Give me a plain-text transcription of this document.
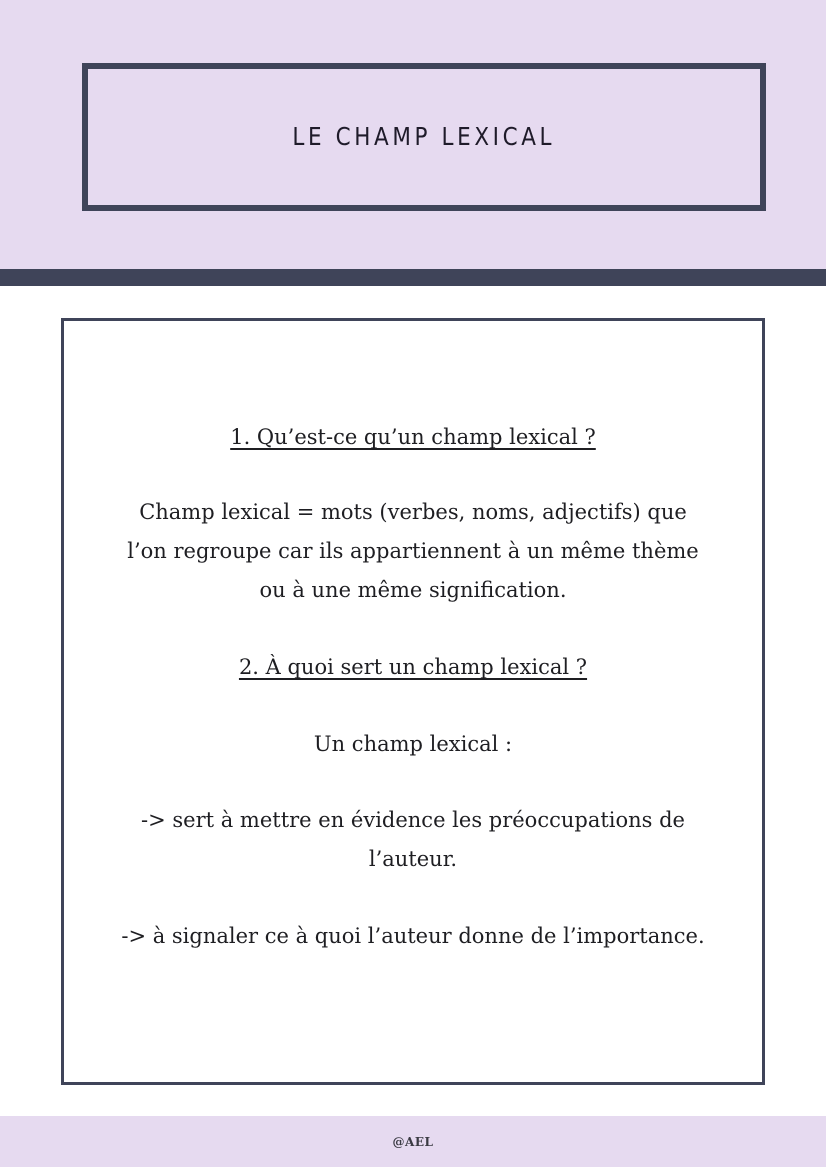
LE CHAMP LEXICAL
1. Qu’est-ce qu’un champ lexical ?
Champ lexical = mots (verbes, noms, adjectifs) que
l’on regroupe car ils appartiennent à un même thème
ou à une même signification.
2. À quoi sert un champ lexical ?
Un champ lexical :
-> sert à mettre en évidence les préoccupations de
l’auteur.
-> à signaler ce à quoi l’auteur donne de l’importance.
@AEL
